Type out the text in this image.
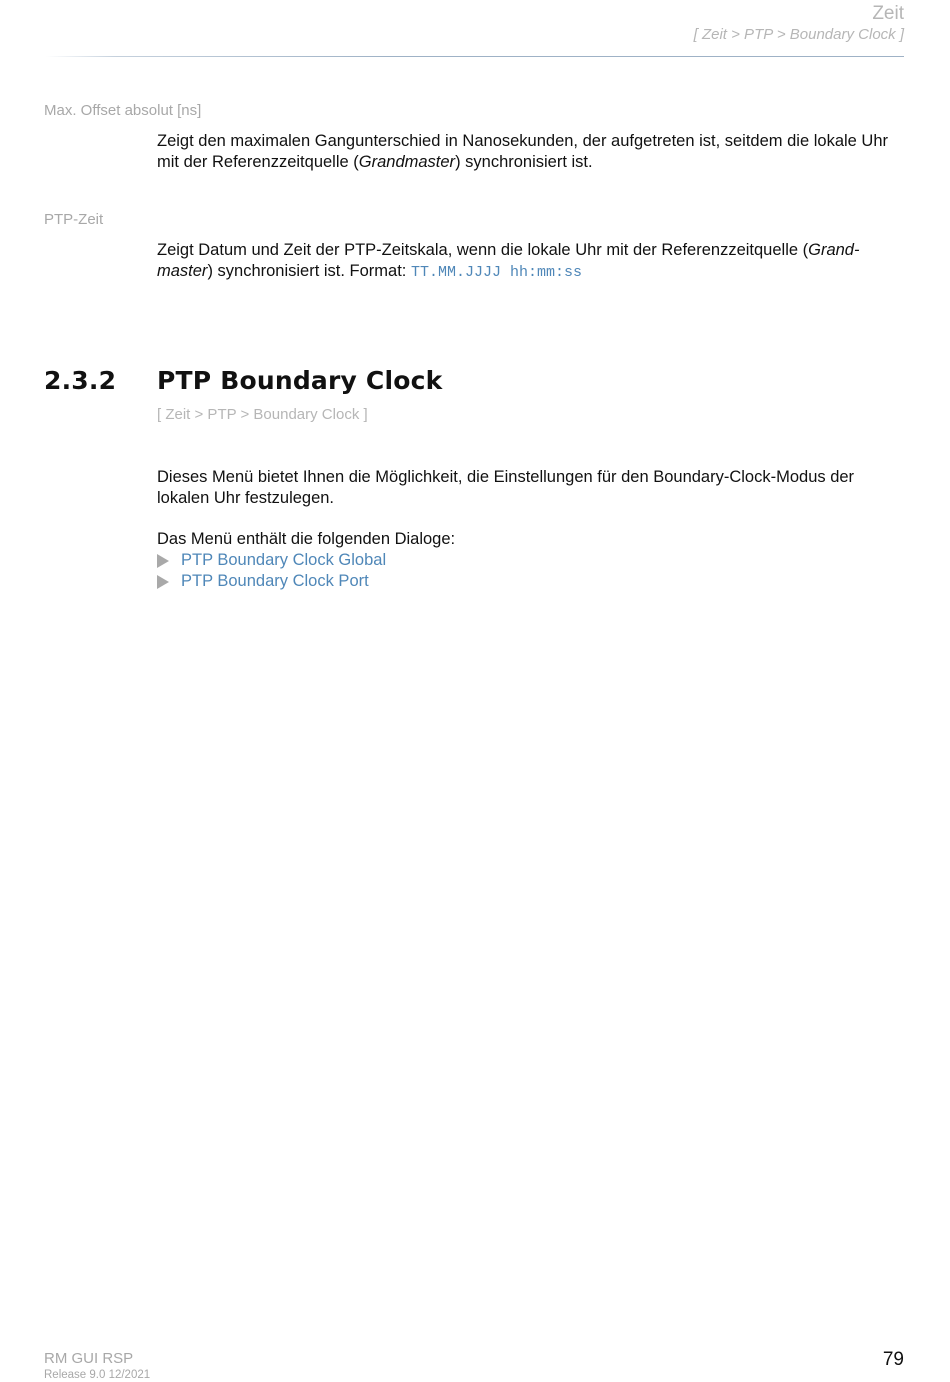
Zeit
[ Zeit > PTP > Boundary Clock ]
Max. Offset absolut [ns]
Zeigt den maximalen Gangunterschied in Nanosekunden, der aufgetreten ist, seitdem die lokale Uhr mit der Referenzzeitquelle (Grandmaster) synchronisiert ist.
PTP-Zeit
Zeigt Datum und Zeit der PTP-Zeitskala, wenn die lokale Uhr mit der Referenzzeitquelle (Grand-master) synchronisiert ist. Format: TT.MM.JJJJ hh:mm:ss
2.3.2 PTP Boundary Clock
[ Zeit > PTP > Boundary Clock ]
Dieses Menü bietet Ihnen die Möglichkeit, die Einstellungen für den Boundary-Clock-Modus der lokalen Uhr festzulegen.
Das Menü enthält die folgenden Dialoge:
PTP Boundary Clock Global
PTP Boundary Clock Port
RM GUI RSP
Release 9.0 12/2021
79
